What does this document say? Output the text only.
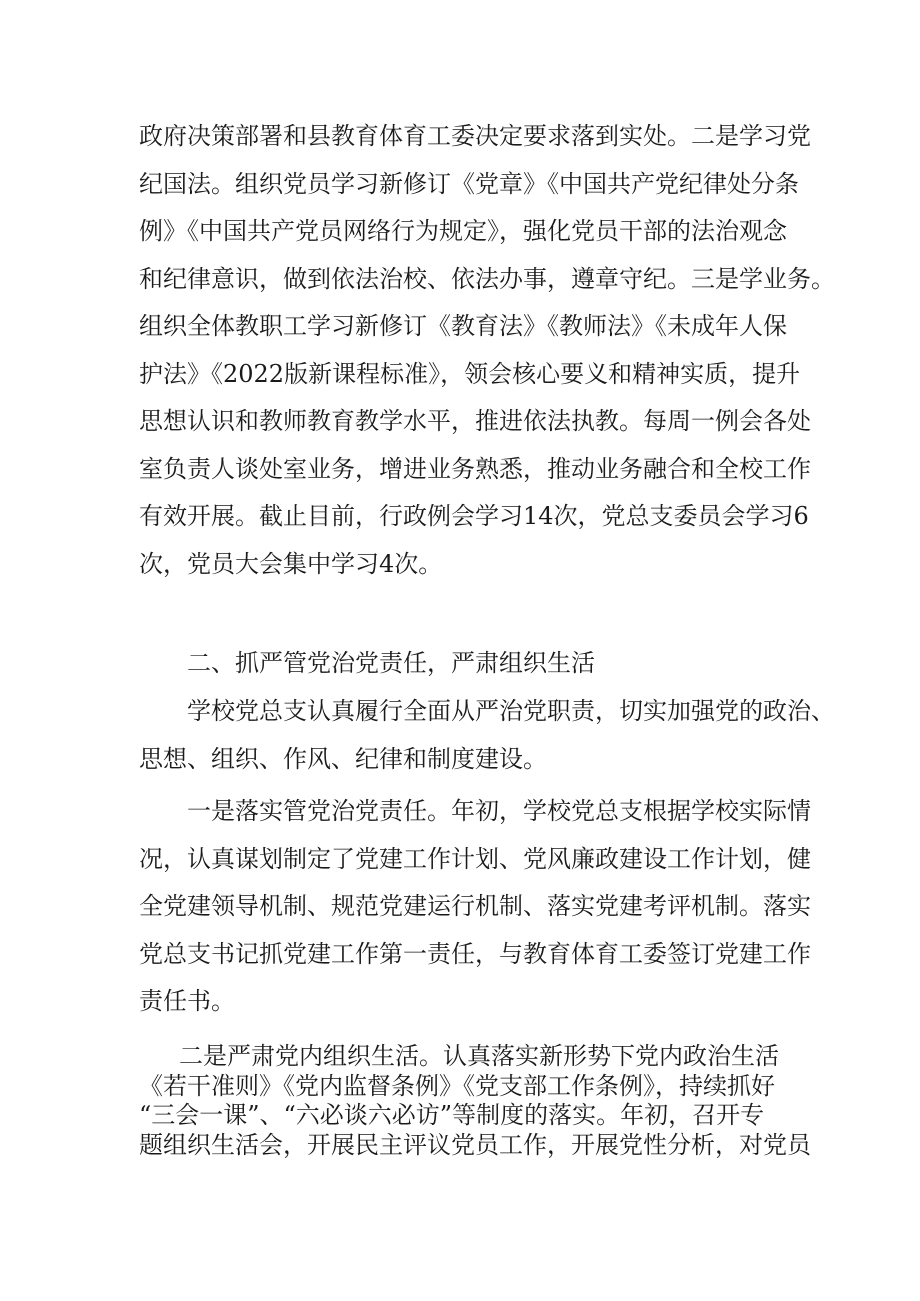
政府决策部署和县教育体育工委决定要求落到实处。二是学习党
纪国法。组织党员学习新修订《党章》《中国共产党纪律处分条
例》《中国共产党员网络行为规定》，强化党员干部的法治观念
和纪律意识，做到依法治校、依法办事，遵章守纪。三是学业务。
组织全体教职工学习新修订《教育法》《教师法》《未成年人保
护法》《2022版新课程标准》，领会核心要义和精神实质，提升
思想认识和教师教育教学水平，推进依法执教。每周一例会各处
室负责人谈处室业务，增进业务熟悉，推动业务融合和全校工作
有效开展。截止目前，行政例会学习14次，党总支委员会学习6
次，党员大会集中学习4次。
二、抓严管党治党责任，严肃组织生活
学校党总支认真履行全面从严治党职责，切实加强党的政治、
思想、组织、作风、纪律和制度建设。
一是落实管党治党责任。年初，学校党总支根据学校实际情
况，认真谋划制定了党建工作计划、党风廉政建设工作计划，健
全党建领导机制、规范党建运行机制、落实党建考评机制。落实
党总支书记抓党建工作第一责任，与教育体育工委签订党建工作
责任书。
二是严肃党内组织生活。认真落实新形势下党内政治生活
《若干准则》《党内监督条例》《党支部工作条例》，持续抓好
“三会一课”、“六必谈六必访”等制度的落实。年初，召开专
题组织生活会，开展民主评议党员工作，开展党性分析，对党员
